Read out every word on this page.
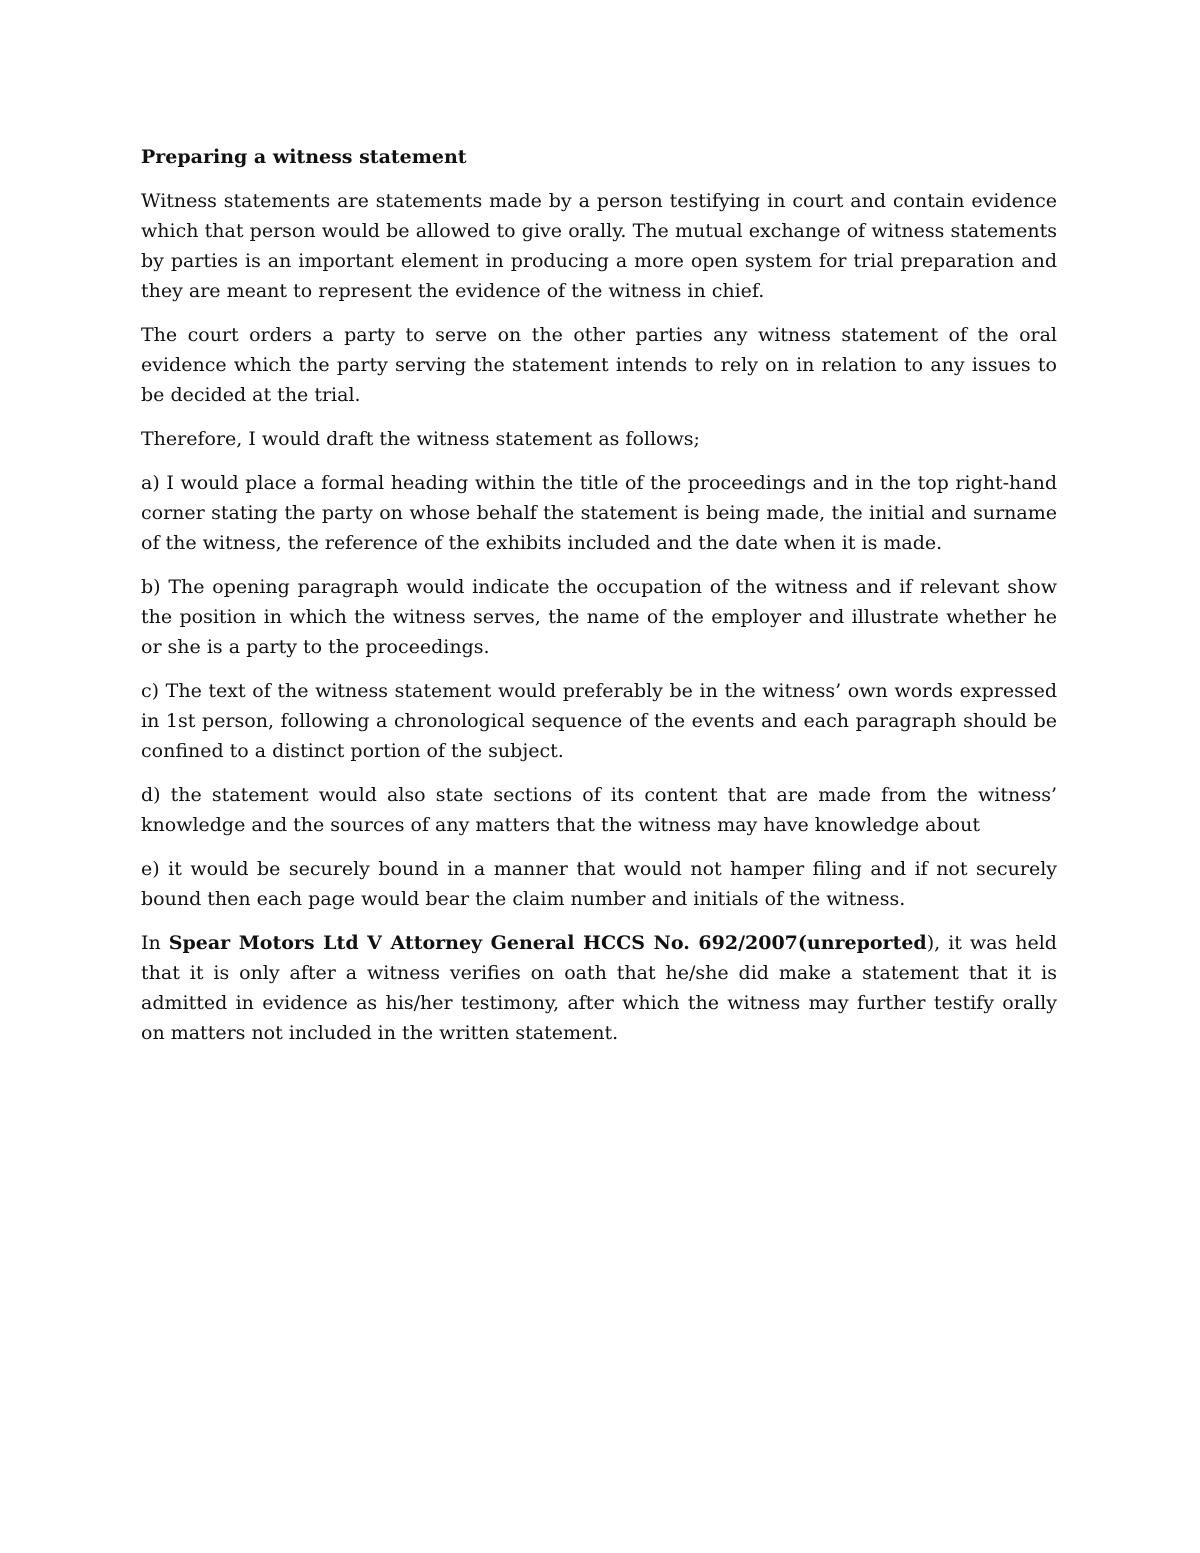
Preparing a witness statement

Witness statements are statements made by a person testifying in court and contain evidence which that person would be allowed to give orally. The mutual exchange of witness statements by parties is an important element in producing a more open system for trial preparation and they are meant to represent the evidence of the witness in chief.

The court orders a party to serve on the other parties any witness statement of the oral evidence which the party serving the statement intends to rely on in relation to any issues to be decided at the trial.

Therefore, I would draft the witness statement as follows;

a) I would place a formal heading within the title of the proceedings and in the top right-hand corner stating the party on whose behalf the statement is being made, the initial and surname of the witness, the reference of the exhibits included and the date when it is made.

b) The opening paragraph would indicate the occupation of the witness and if relevant show the position in which the witness serves, the name of the employer and illustrate whether he or she is a party to the proceedings.

c) The text of the witness statement would preferably be in the witness’ own words expressed in 1st person, following a chronological sequence of the events and each paragraph should be confined to a distinct portion of the subject.

d) the statement would also state sections of its content that are made from the witness’ knowledge and the sources of any matters that the witness may have knowledge about

e) it would be securely bound in a manner that would not hamper filing and if not securely bound then each page would bear the claim number and initials of the witness.

In Spear Motors Ltd V Attorney General HCCS No. 692/2007(unreported), it was held that it is only after a witness verifies on oath that he/she did make a statement that it is admitted in evidence as his/her testimony, after which the witness may further testify orally on matters not included in the written statement.
